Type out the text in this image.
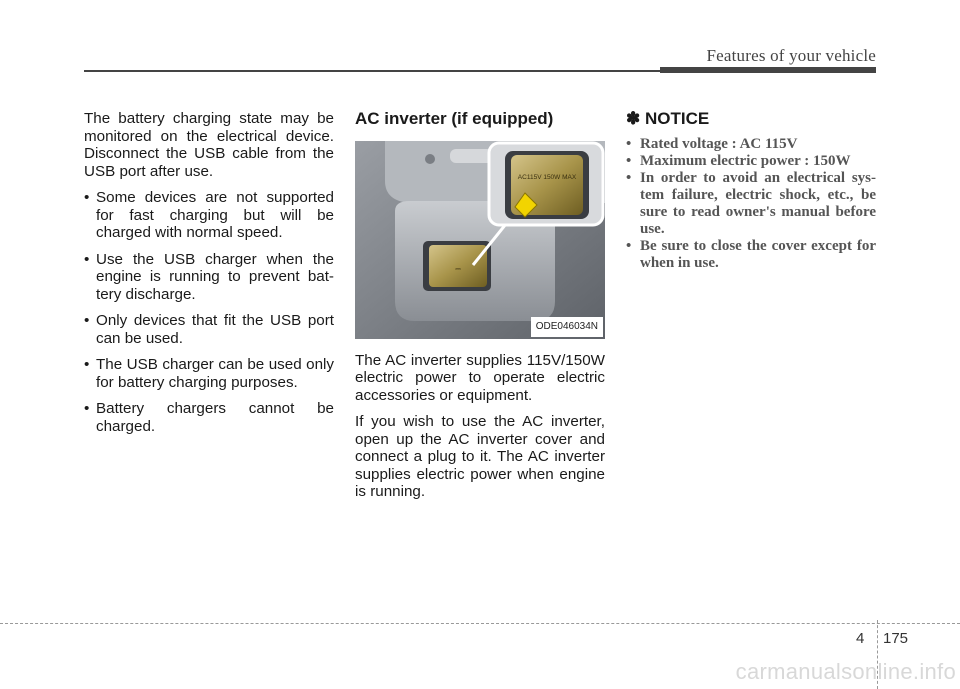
Features of your vehicle

The battery charging state may be monitored on the electrical device. Disconnect the USB cable from the USB port after use.

• Some devices are not supported for fast charging but will be charged with normal speed.
• Use the USB charger when the engine is running to prevent bat-tery discharge.
• Only devices that fit the USB port can be used.
• The USB charger can be used only for battery charging purposes.
• Battery chargers cannot be charged.
AC inverter (if equipped)
⎓
AC115V 150W MAX
ODE046034N

The AC inverter supplies 115V/150W electric power to operate electric accessories or equipment.

If you wish to use the AC inverter, open up the AC inverter cover and connect a plug to it. The AC inverter supplies electric power when engine is running.

✽ NOTICE
• Rated voltage : AC 115V
• Maximum electric power : 150W
• In order to avoid an electrical sys-tem failure, electric shock, etc., be sure to read owner's manual before use.
• Be sure to close the cover except for when in use.
4 175
carmanualsonline.info
